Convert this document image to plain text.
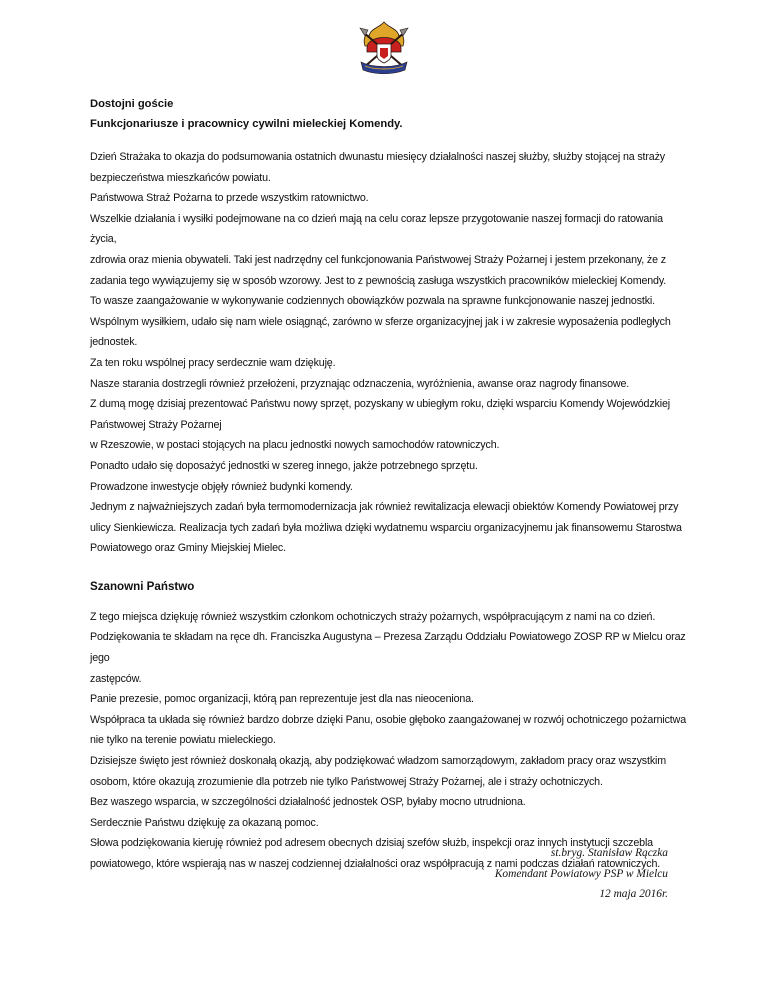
Dostojni goście

Funkcjonariusze i pracownicy cywilni mieleckiej Komendy.

Dzień Strażaka to okazja do podsumowania ostatnich dwunastu miesięcy działalności naszej służby, służby stojącej na straży

bezpieczeństwa mieszkańców powiatu.

Państwowa Straż Pożarna to przede wszystkim ratownictwo.

Wszelkie działania i wysiłki podejmowane na co dzień mają na celu coraz lepsze przygotowanie naszej formacji do ratowania życia,

zdrowia oraz mienia obywateli. Taki jest nadrzędny cel funkcjonowania Państwowej Straży Pożarnej i jestem przekonany, że z

zadania tego wywiązujemy się w sposób wzorowy. Jest to z pewnością zasługa wszystkich pracowników mieleckiej Komendy.

To wasze zaangażowanie w wykonywanie codziennych obowiązków pozwala na sprawne funkcjonowanie naszej jednostki.

Wspólnym wysiłkiem, udało się nam wiele osiągnąć, zarówno w sferze organizacyjnej jak i w zakresie wyposażenia podległych

jednostek.

Za ten roku wspólnej pracy serdecznie wam dziękuję.

Nasze starania dostrzegli również przełożeni, przyznając odznaczenia, wyróżnienia, awanse oraz nagrody finansowe.

Z dumą mogę dzisiaj prezentować Państwu nowy sprzęt, pozyskany w ubiegłym roku, dzięki wsparciu Komendy Wojewódzkiej

Państwowej Straży Pożarnej

w Rzeszowie, w postaci stojących na placu jednostki nowych samochodów ratowniczych.

Ponadto udało się doposażyć jednostki w szereg innego, jakże potrzebnego sprzętu.

Prowadzone inwestycje objęły również budynki komendy.

Jednym z najważniejszych zadań była termomodernizacja jak również rewitalizacja elewacji obiektów Komendy Powiatowej przy

ulicy Sienkiewicza. Realizacja tych zadań była możliwa dzięki wydatnemu wsparciu organizacyjnemu jak finansowemu Starostwa

Powiatowego oraz Gminy Miejskiej Mielec.

Szanowni Państwo

Z tego miejsca dziękuję również wszystkim członkom ochotniczych straży pożarnych, współpracującym z nami na co dzień.

Podziękowania te składam na ręce dh. Franciszka Augustyna – Prezesa Zarządu Oddziału Powiatowego ZOSP RP w Mielcu oraz jego

zastępców.

Panie prezesie, pomoc organizacji, którą pan reprezentuje jest dla nas nieoceniona.

Współpraca ta układa się również bardzo dobrze dzięki Panu, osobie głęboko zaangażowanej w rozwój ochotniczego pożarnictwa

nie tylko na terenie powiatu mieleckiego.

Dzisiejsze święto jest również doskonałą okazją, aby podziękować władzom samorządowym, zakładom pracy oraz wszystkim

osobom, które okazują zrozumienie dla potrzeb nie tylko Państwowej Straży Pożarnej, ale i straży ochotniczych.

Bez waszego wsparcia, w szczególności działalność jednostek OSP, byłaby mocno utrudniona.

Serdecznie Państwu dziękuję za okazaną pomoc.

Słowa podziękowania kieruję również pod adresem obecnych dzisiaj szefów służb, inspekcji oraz innych instytucji szczebla

powiatowego, które wspierają nas w naszej codziennej działalności oraz współpracują z nami podczas działań ratowniczych.

st.bryg. Stanisław Rączka
Komendant Powiatowy PSP w Mielcu
12 maja 2016r.
